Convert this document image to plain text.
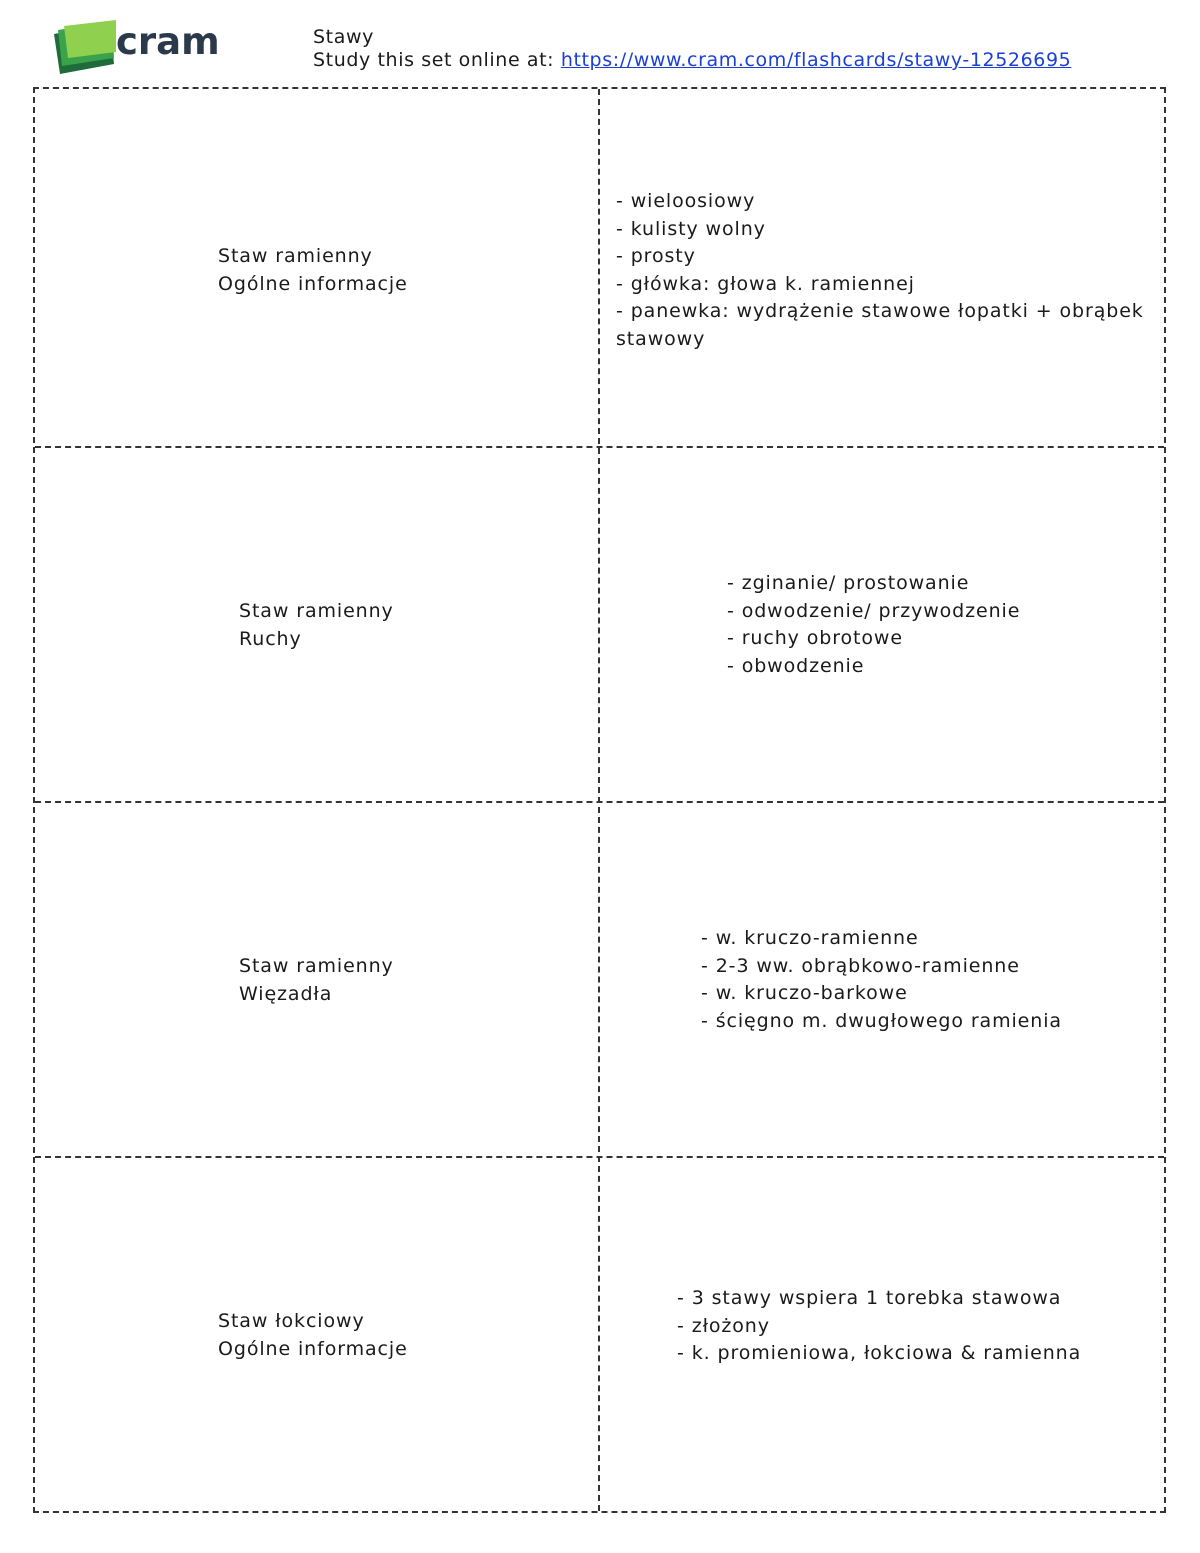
cram	Stawy
Study this set online at: https://www.cram.com/flashcards/stawy-12526695
Staw ramienny
Ogólne informacje
- wieloosiowy
- kulisty wolny
- prosty
- główka: głowa k. ramiennej
- panewka: wydrążenie stawowe łopatki + obrąbek stawowy
Staw ramienny
Ruchy
- zginanie/ prostowanie
- odwodzenie/ przywodzenie
- ruchy obrotowe
- obwodzenie
Staw ramienny
Więzadła
- w. kruczo-ramienne
- 2-3 ww. obrąbkowo-ramienne
- w. kruczo-barkowe
- ścięgno m. dwugłowego ramienia
Staw łokciowy
Ogólne informacje
- 3 stawy wspiera 1 torebka stawowa
- złożony
- k. promieniowa, łokciowa & ramienna
